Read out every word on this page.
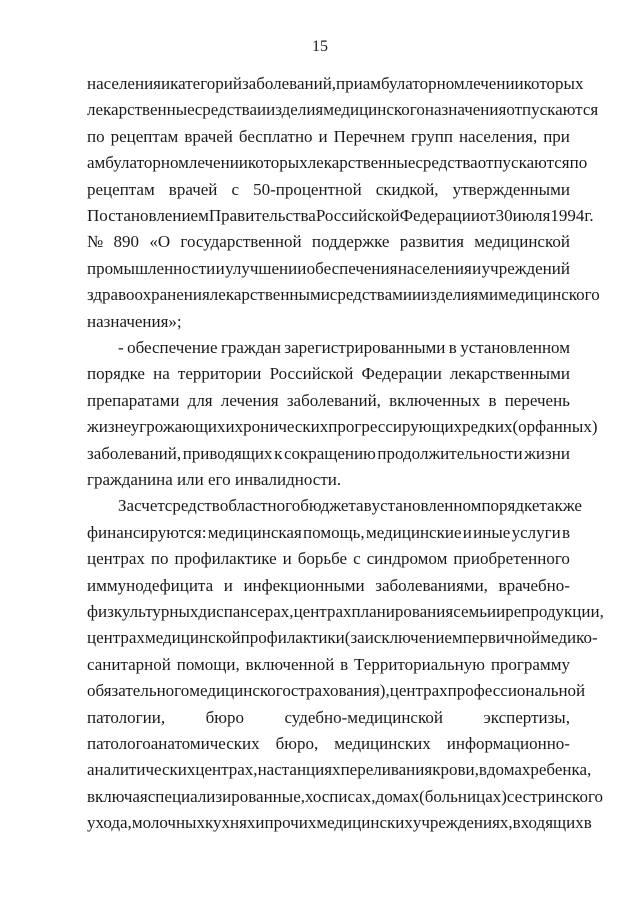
15
населения и категорий заболеваний, при амбулаторном лечении которых
лекарственные средства и изделия медицинского назначения отпускаются
по рецептам врачей бесплатно и Перечнем групп населения, при
амбулаторном лечении которых лекарственные средства отпускаются по
рецептам врачей с 50-процентной скидкой, утвержденными
Постановлением Правительства Российской Федерации от 30 июля 1994 г.
№ 890 «О государственной поддержке развития медицинской
промышленности и улучшении обеспечения населения и учреждений
здравоохранения лекарственными средствами и изделиями медицинского
назначения»;
- обеспечение граждан зарегистрированными в установленном
порядке на территории Российской Федерации лекарственными
препаратами для лечения заболеваний, включенных в перечень
жизнеугрожающих и хронических прогрессирующих редких (орфанных)
заболеваний, приводящих к сокращению продолжительности жизни
гражданина или его инвалидности.
За счет средств областного бюджета в установленном порядке также
финансируются: медицинская помощь, медицинские и иные услуги в
центрах по профилактике и борьбе с синдромом приобретенного
иммунодефицита и инфекционными заболеваниями, врачебно-
физкультурных диспансерах, центрах планирования семьи и репродукции,
центрах медицинской профилактики (за исключением первичной медико-
санитарной помощи, включенной в Территориальную программу
обязательного медицинского страхования), центрах профессиональной
патологии, бюро судебно-медицинской экспертизы,
патологоанатомических бюро, медицинских информационно-
аналитических центрах, на станциях переливания крови, в домах ребенка,
включая специализированные, хосписах, домах (больницах) сестринского
ухода, молочных кухнях и прочих медицинских учреждениях, входящих в
